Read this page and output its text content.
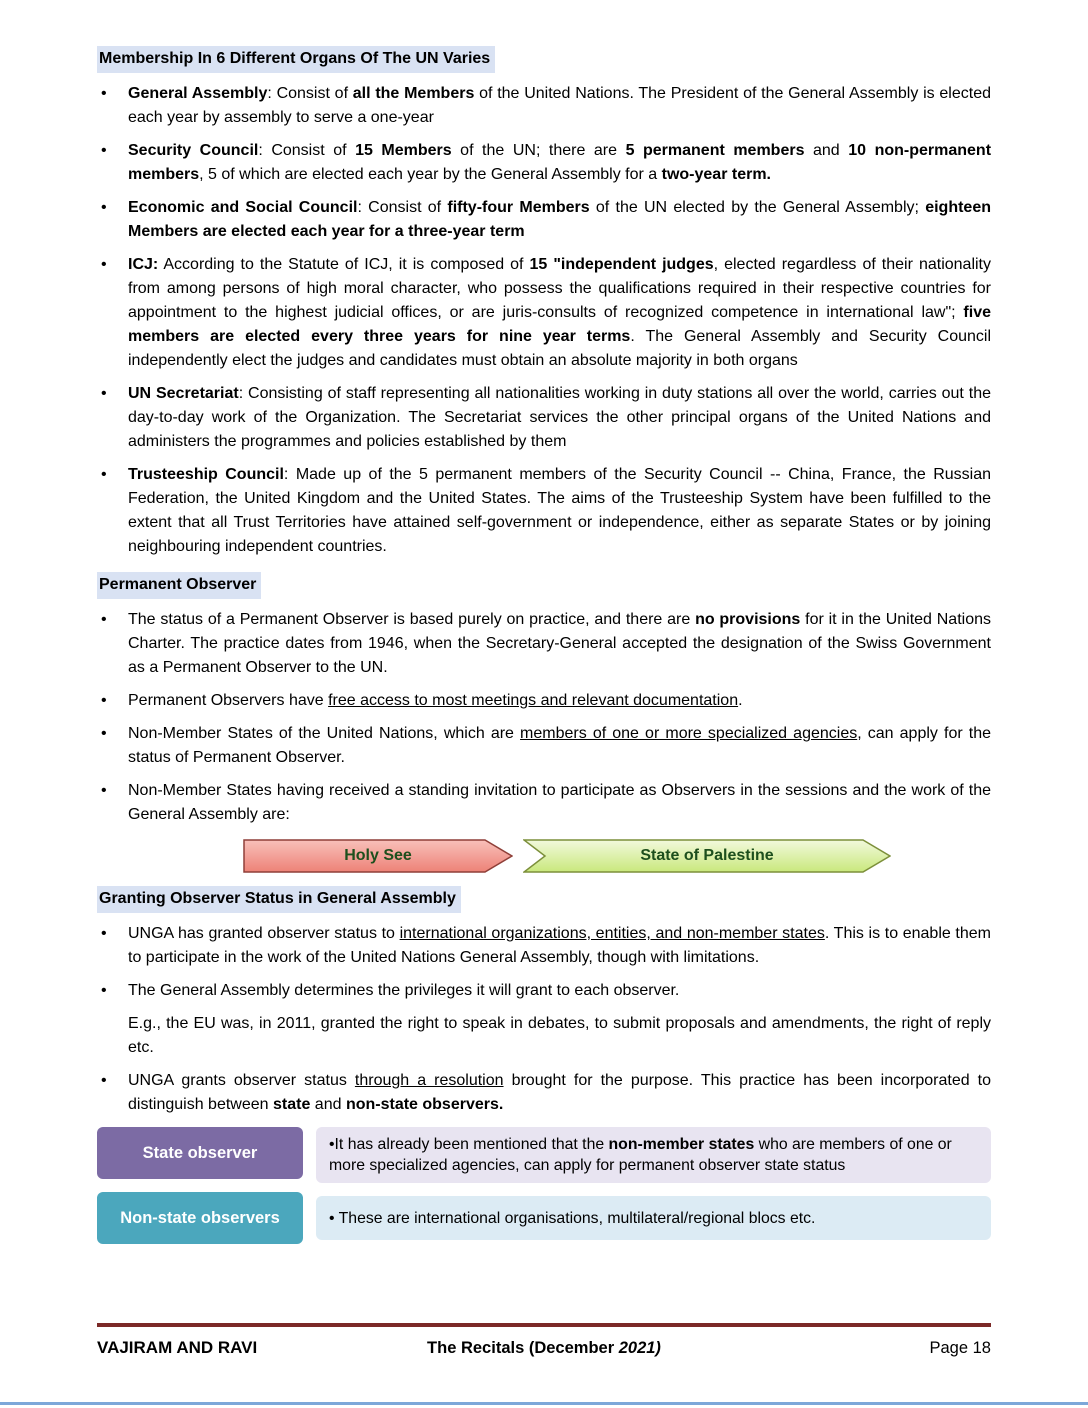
Membership In 6 Different Organs Of The UN Varies
• General Assembly: Consist of all the Members of the United Nations. The President of the General Assembly is elected each year by assembly to serve a one-year
• Security Council: Consist of 15 Members of the UN; there are 5 permanent members and 10 non-permanent members, 5 of which are elected each year by the General Assembly for a two-year term.
• Economic and Social Council: Consist of fifty-four Members of the UN elected by the General Assembly; eighteen Members are elected each year for a three-year term
• ICJ: According to the Statute of ICJ, it is composed of 15 "independent judges, elected regardless of their nationality from among persons of high moral character, who possess the qualifications required in their respective countries for appointment to the highest judicial offices, or are juris-consults of recognized competence in international law"; five members are elected every three years for nine year terms. The General Assembly and Security Council independently elect the judges and candidates must obtain an absolute majority in both organs
• UN Secretariat: Consisting of staff representing all nationalities working in duty stations all over the world, carries out the day-to-day work of the Organization. The Secretariat services the other principal organs of the United Nations and administers the programmes and policies established by them
• Trusteeship Council: Made up of the 5 permanent members of the Security Council -- China, France, the Russian Federation, the United Kingdom and the United States. The aims of the Trusteeship System have been fulfilled to the extent that all Trust Territories have attained self-government or independence, either as separate States or by joining neighbouring independent countries.
Permanent Observer
• The status of a Permanent Observer is based purely on practice, and there are no provisions for it in the United Nations Charter. The practice dates from 1946, when the Secretary-General accepted the designation of the Swiss Government as a Permanent Observer to the UN.
• Permanent Observers have free access to most meetings and relevant documentation.
• Non-Member States of the United Nations, which are members of one or more specialized agencies, can apply for the status of Permanent Observer.
• Non-Member States having received a standing invitation to participate as Observers in the sessions and the work of the General Assembly are:
Holy See	State of Palestine
Granting Observer Status in General Assembly
• UNGA has granted observer status to international organizations, entities, and non-member states. This is to enable them to participate in the work of the United Nations General Assembly, though with limitations.
• The General Assembly determines the privileges it will grant to each observer.
E.g., the EU was, in 2011, granted the right to speak in debates, to submit proposals and amendments, the right of reply etc.
• UNGA grants observer status through a resolution brought for the purpose. This practice has been incorporated to distinguish between state and non-state observers.
State observer	•It has already been mentioned that the non-member states who are members of one or more specialized agencies, can apply for permanent observer state status
Non-state observers	• These are international organisations, multilateral/regional blocs etc.
VAJIRAM AND RAVI	The Recitals (December 2021)	Page 18
